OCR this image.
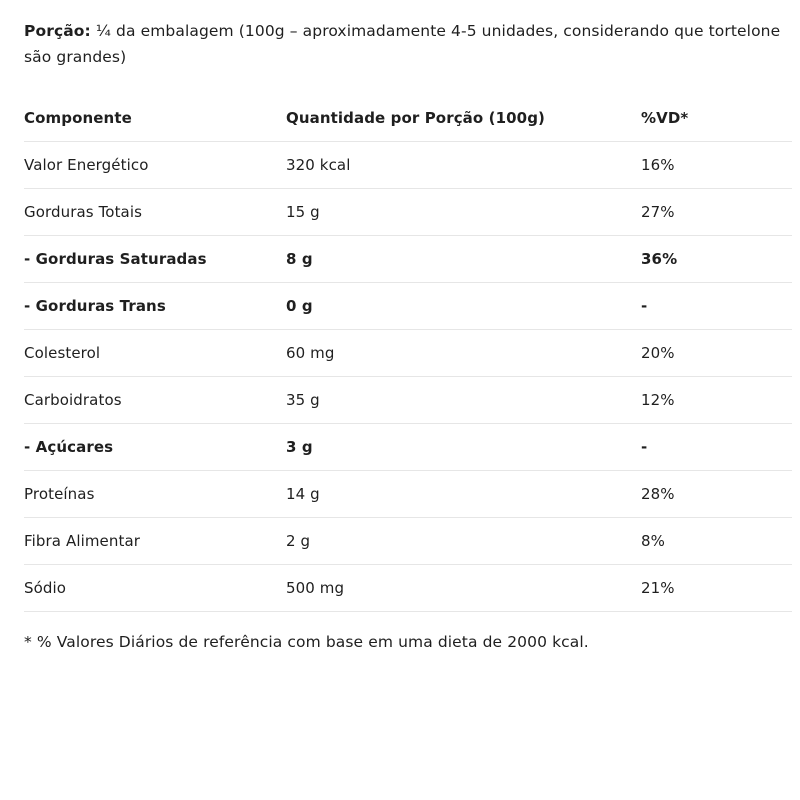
Porção: ¼ da embalagem (100g – aproximadamente 4-5 unidades, considerando que tortelone são grandes)

Componente	Quantidade por Porção (100g)	%VD*
Valor Energético	320 kcal	16%
Gorduras Totais	15 g	27%
- Gorduras Saturadas	8 g	36%
- Gorduras Trans	0 g	-
Colesterol	60 mg	20%
Carboidratos	35 g	12%
- Açúcares	3 g	-
Proteínas	14 g	28%
Fibra Alimentar	2 g	8%
Sódio	500 mg	21%

* % Valores Diários de referência com base em uma dieta de 2000 kcal.
